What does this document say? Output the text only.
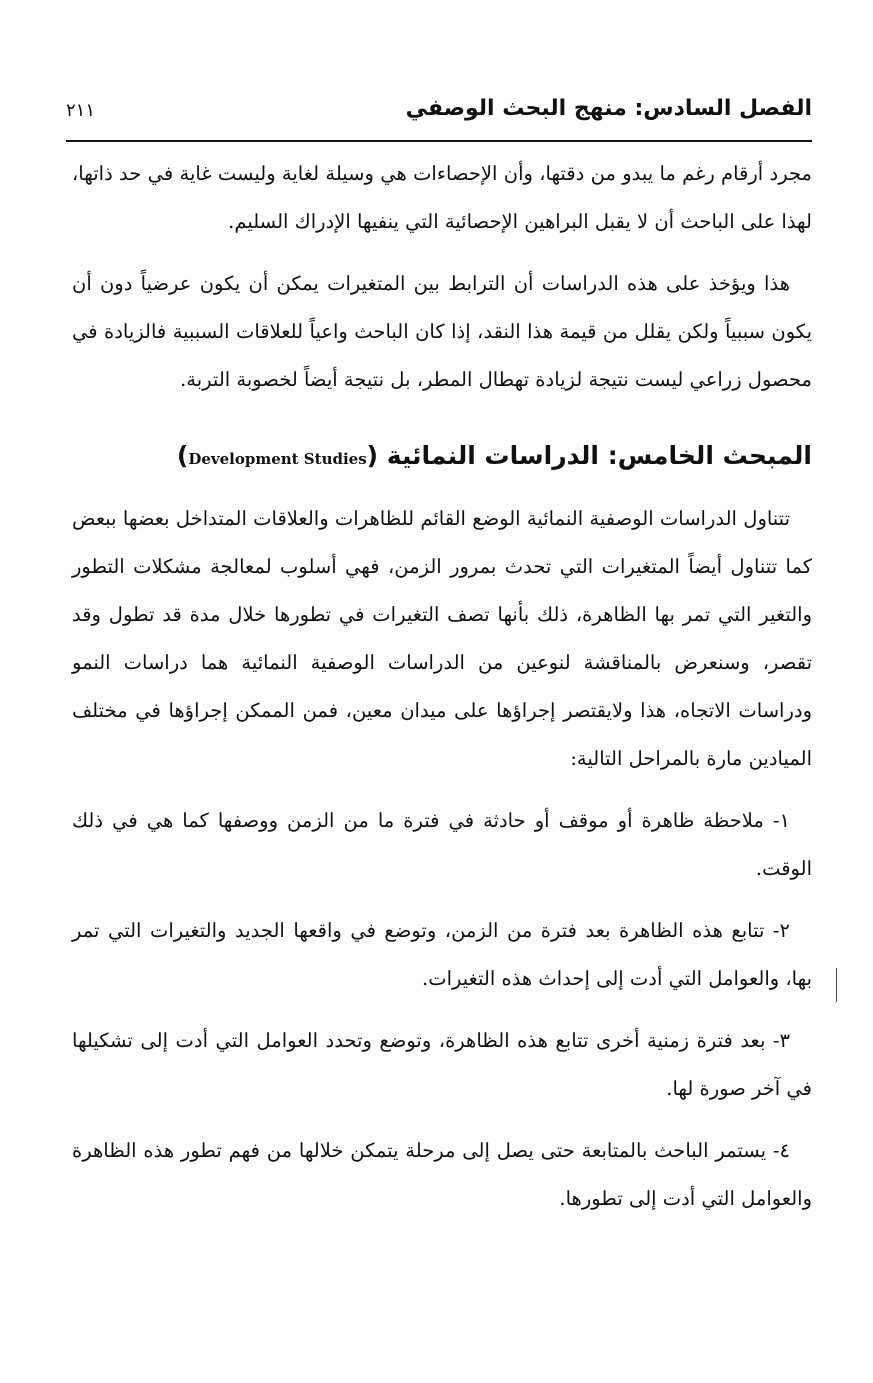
الفصل السادس: منهج البحث الوصفي
٢١١

مجرد أرقام رغم ما يبدو من دقتها، وأن الإحصاءات هي وسيلة لغاية وليست غاية في حد ذاتها، لهذا على الباحث أن لا يقبل البراهين الإحصائية التي ينفيها الإدراك السليم.

هذا ويؤخذ على هذه الدراسات أن الترابط بين المتغيرات يمكن أن يكون عرضياً دون أن يكون سببياً ولكن يقلل من قيمة هذا النقد، إذا كان الباحث واعياً للعلاقات السببية فالزيادة في محصول زراعي ليست نتيجة لزيادة تهطال المطر، بل نتيجة أيضاً لخصوبة التربة.

المبحث الخامس: الدراسات النمائية (Development Studies)

تتناول الدراسات الوصفية النمائية الوضع القائم للظاهرات والعلاقات المتداخل بعضها ببعض كما تتناول أيضاً المتغيرات التي تحدث بمرور الزمن، فهي أسلوب لمعالجة مشكلات التطور والتغير التي تمر بها الظاهرة، ذلك بأنها تصف التغيرات في تطورها خلال مدة قد تطول وقد تقصر، وسنعرض بالمناقشة لنوعين من الدراسات الوصفية النمائية هما دراسات النمو ودراسات الاتجاه، هذا ولايقتصر إجراؤها على ميدان معين، فمن الممكن إجراؤها في مختلف الميادين مارة بالمراحل التالية:

١- ملاحظة ظاهرة أو موقف أو حادثة في فترة ما من الزمن ووصفها كما هي في ذلك الوقت.

٢- تتابع هذه الظاهرة بعد فترة من الزمن، وتوضع في واقعها الجديد والتغيرات التي تمر بها، والعوامل التي أدت إلى إحداث هذه التغيرات.

٣- بعد فترة زمنية أخرى تتابع هذه الظاهرة، وتوضع وتحدد العوامل التي أدت إلى تشكيلها في آخر صورة لها.

٤- يستمر الباحث بالمتابعة حتى يصل إلى مرحلة يتمكن خلالها من فهم تطور هذه الظاهرة والعوامل التي أدت إلى تطورها.
